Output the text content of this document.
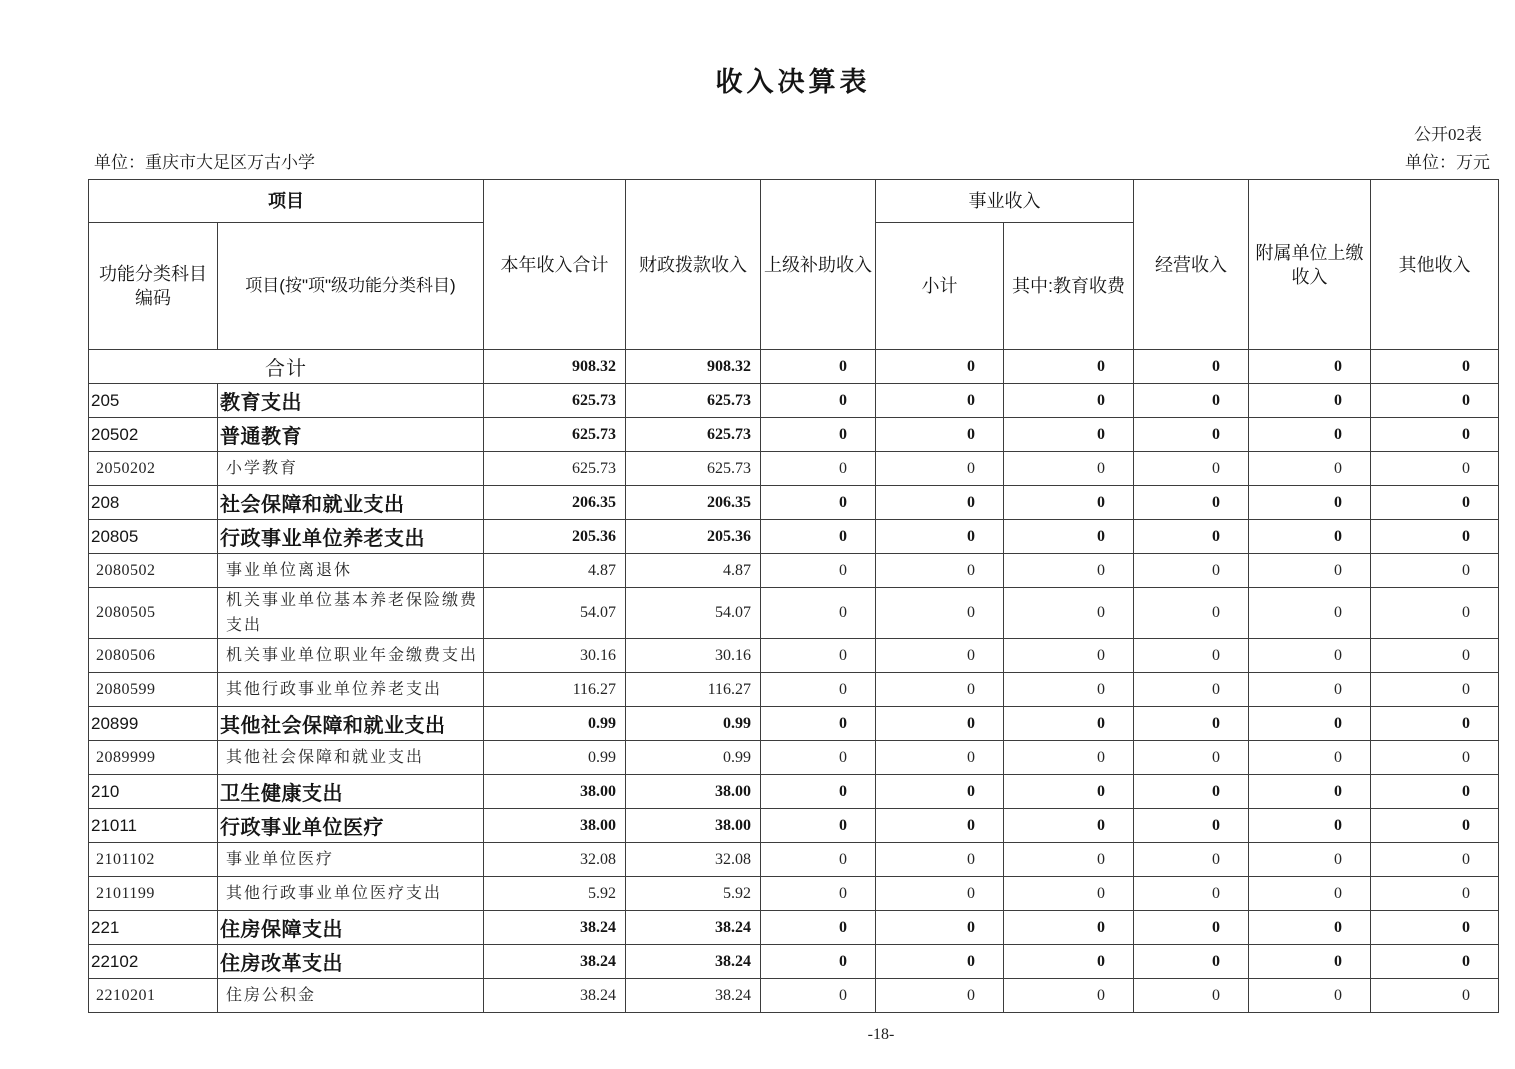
收入决算表
公开02表
单位：重庆市大足区万古小学	单位：万元
项目		本年收入合计	财政拨款收入	上级补助收入	事业收入		经营收入	附属单位上缴收入	其他收入
功能分类科目编码	项目(按"项"级功能分类科目)				小计	其中:教育收费			
合计		908.32	908.32	0	0	0	0	0	0
205	教育支出	625.73	625.73	0	0	0	0	0	0
20502	普通教育	625.73	625.73	0	0	0	0	0	0
2050202	小学教育	625.73	625.73	0	0	0	0	0	0
208	社会保障和就业支出	206.35	206.35	0	0	0	0	0	0
20805	行政事业单位养老支出	205.36	205.36	0	0	0	0	0	0
2080502	事业单位离退休	4.87	4.87	0	0	0	0	0	0
2080505	机关事业单位基本养老保险缴费支出	54.07	54.07	0	0	0	0	0	0
2080506	机关事业单位职业年金缴费支出	30.16	30.16	0	0	0	0	0	0
2080599	其他行政事业单位养老支出	116.27	116.27	0	0	0	0	0	0
20899	其他社会保障和就业支出	0.99	0.99	0	0	0	0	0	0
2089999	其他社会保障和就业支出	0.99	0.99	0	0	0	0	0	0
210	卫生健康支出	38.00	38.00	0	0	0	0	0	0
21011	行政事业单位医疗	38.00	38.00	0	0	0	0	0	0
2101102	事业单位医疗	32.08	32.08	0	0	0	0	0	0
2101199	其他行政事业单位医疗支出	5.92	5.92	0	0	0	0	0	0
221	住房保障支出	38.24	38.24	0	0	0	0	0	0
22102	住房改革支出	38.24	38.24	0	0	0	0	0	0
2210201	住房公积金	38.24	38.24	0	0	0	0	0	0
-18-
